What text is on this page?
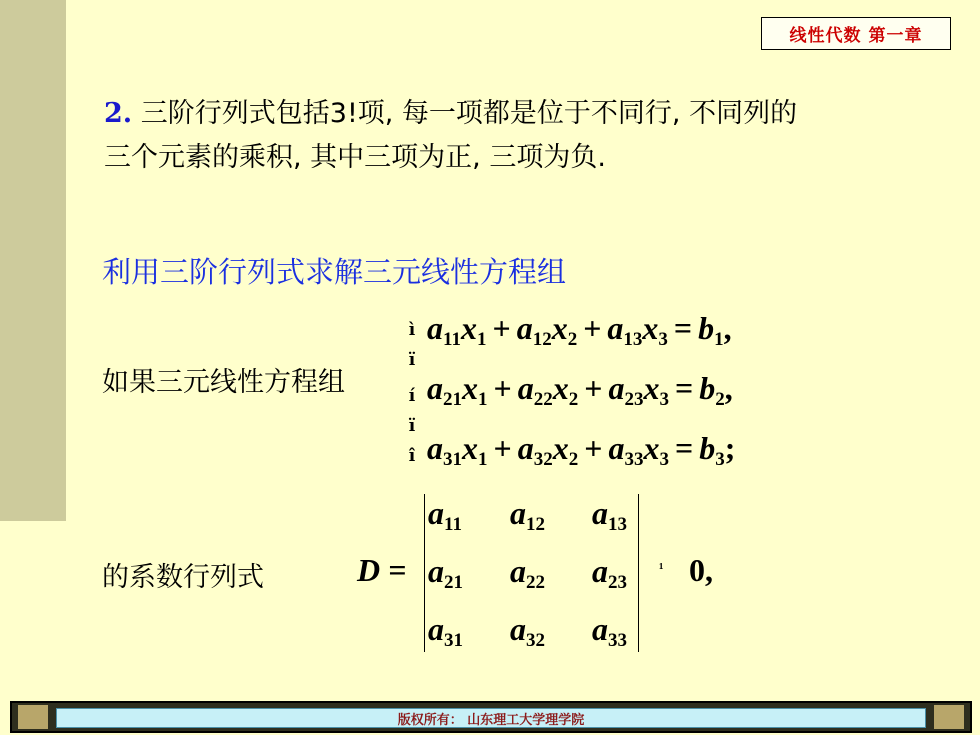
线性代数 第一章
2. 三阶行列式包括3!项, 每一项都是位于不同行, 不同列的三个元素的乘积, 其中三项为正, 三项为负.
利用三阶行列式求解三元线性方程组
如果三元线性方程组
ì
ï
í
ï
î
$a_{11}x_1 + a_{12}x_2 + a_{13}x_3 = b_1$,
$a_{21}x_1 + a_{22}x_2 + a_{23}x_3 = b_2$,
$a_{31}x_1 + a_{32}x_2 + a_{33}x_3 = b_3$;
的系数行列式	D =
$a_{11}$ $a_{12}$ $a_{13}$
$a_{21}$ $a_{22}$ $a_{23}$
$a_{31}$ $a_{32}$ $a_{33}$
¹ 0,
版权所有： 山东理工大学理学院
